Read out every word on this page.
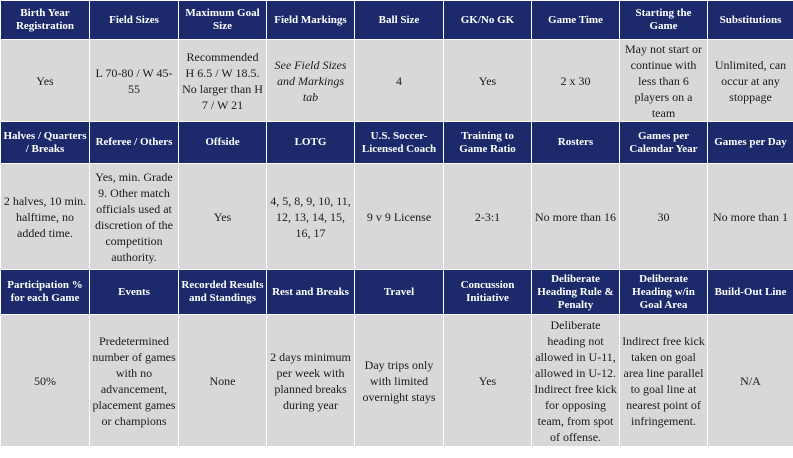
Birth Year Registration	Field Sizes	Maximum Goal Size	Field Markings	Ball Size	GK/No GK	Game Time	Starting the Game	Substitutions
Yes	L 70-80 / W 45-55	Recommended H 6.5 / W 18.5. No larger than H 7 / W 21	See Field Sizes and Markings tab	4	Yes	2 x 30	May not start or continue with less than 6 players on a team	Unlimited, can occur at any stoppage
Halves / Quarters / Breaks	Referee / Others	Offside	LOTG	U.S. Soccer-Licensed Coach	Training to Game Ratio	Rosters	Games per Calendar Year	Games per Day
2 halves, 10 min. halftime, no added time.	Yes, min. Grade 9. Other match officials used at discretion of the competition authority.	Yes	4, 5, 8, 9, 10, 11, 12, 13, 14, 15, 16, 17	9 v 9 License	2-3:1	No more than 16	30	No more than 1
Participation % for each Game	Events	Recorded Results and Standings	Rest and Breaks	Travel	Concussion Initiative	Deliberate Heading Rule & Penalty	Deliberate Heading w/in Goal Area	Build-Out Line
50%	Predetermined number of games with no advancement, placement games or champions	None	2 days minimum per week with planned breaks during year	Day trips only with limited overnight stays	Yes	Deliberate heading not allowed in U-11, allowed in U-12. Indirect free kick for opposing team, from spot of offense.	Indirect free kick taken on goal area line parallel to goal line at nearest point of infringement.	N/A
